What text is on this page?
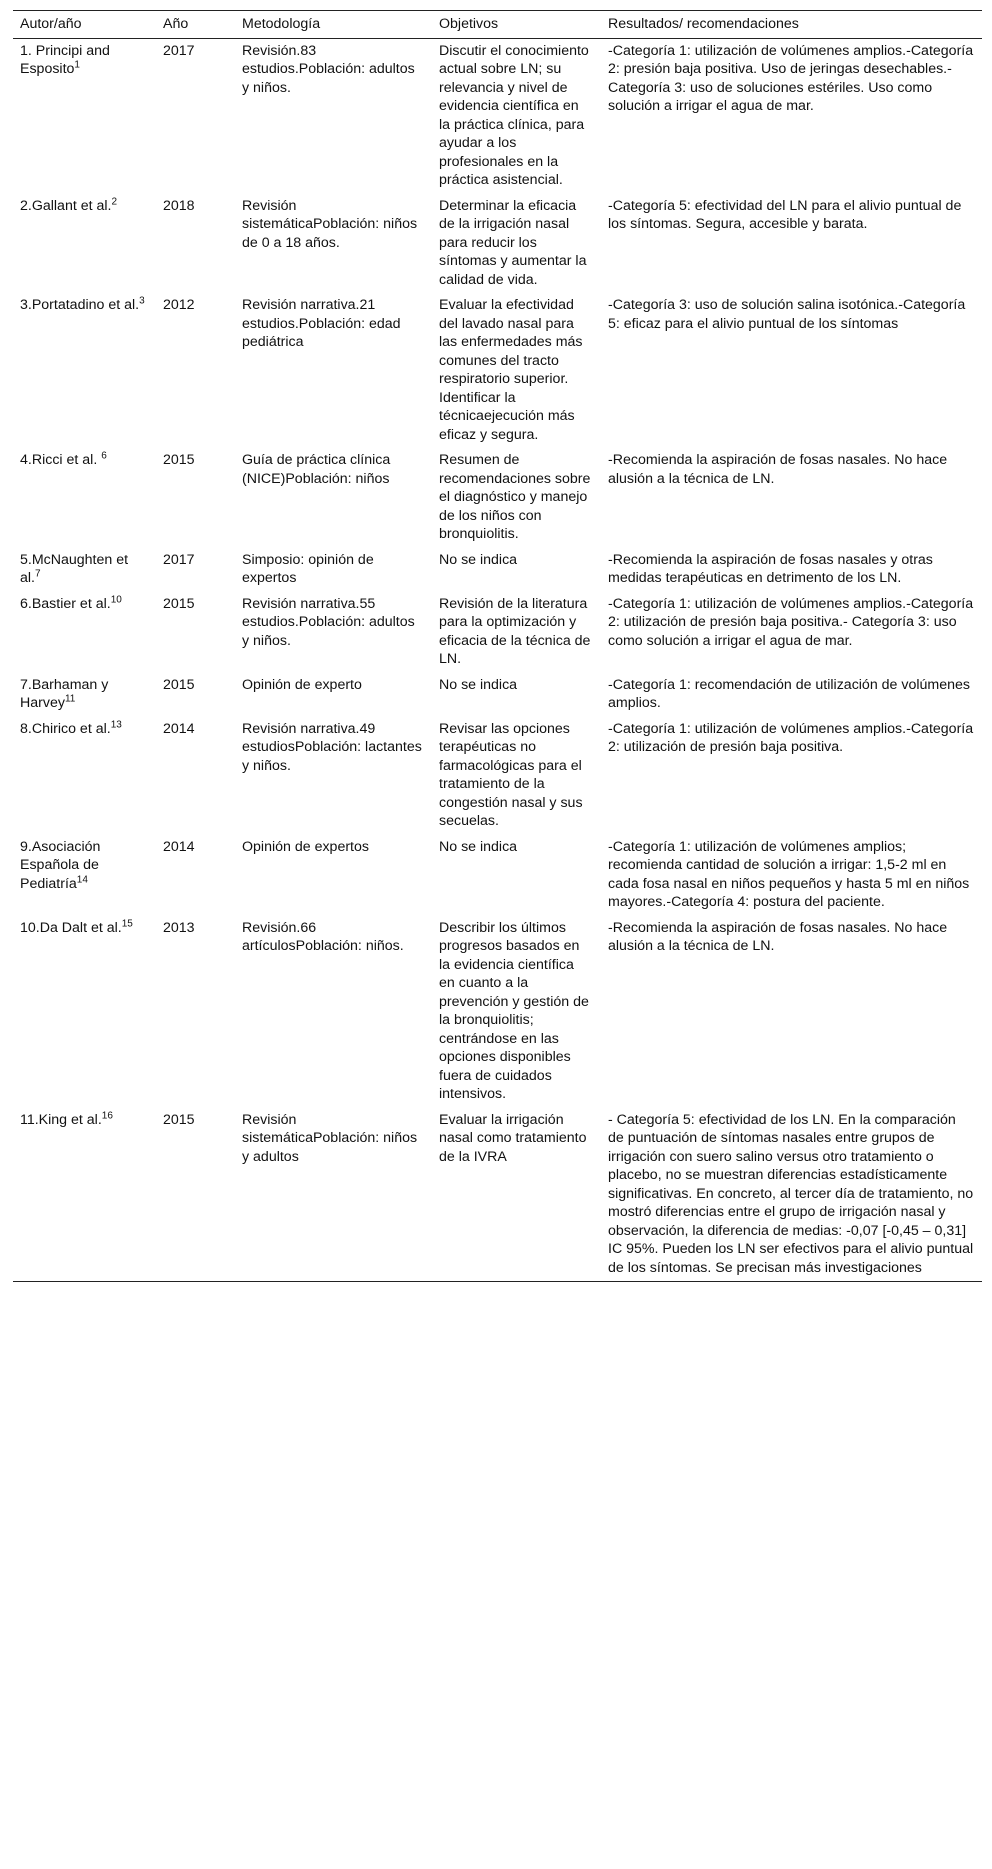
Autor/año	Año	Metodología	Objetivos	Resultados/ recomendaciones
1. Principi and Esposito$^1$	2017	Revisión.83 estudios.Población: adultos y niños.	Discutir el conocimiento actual sobre LN; su relevancia y nivel de evidencia científica en la práctica clínica, para ayudar a los profesionales en la práctica asistencial.	-Categoría 1: utilización de volúmenes amplios.-Categoría 2: presión baja positiva. Uso de jeringas desechables.-Categoría 3: uso de soluciones estériles. Uso como solución a irrigar el agua de mar.
2.Gallant et al.$^2$	2018	Revisión sistemáticaPoblación: niños de 0 a 18 años.	Determinar la eficacia de la irrigación nasal para reducir los síntomas y aumentar la calidad de vida.	-Categoría 5: efectividad del LN para el alivio puntual de los síntomas. Segura, accesible y barata.
3.Portatadino et al.$^3$	2012	Revisión narrativa.21 estudios.Población: edad pediátrica	Evaluar la efectividad del lavado nasal para las enfermedades más comunes del tracto respiratorio superior. Identificar la técnicaejecución más eficaz y segura.	-Categoría 3: uso de solución salina isotónica.-Categoría 5: eficaz para el alivio puntual de los síntomas
4.Ricci et al. $^6$	2015	Guía de práctica clínica (NICE)Población: niños	Resumen de recomendaciones sobre el diagnóstico y manejo de los niños con bronquiolitis.	-Recomienda la aspiración de fosas nasales. No hace alusión a la técnica de LN.
5.McNaughten et al.$^7$	2017	Simposio: opinión de expertos	No se indica	-Recomienda la aspiración de fosas nasales y otras medidas terapéuticas en detrimento de los LN.
6.Bastier et al.$^{10}$	2015	Revisión narrativa.55 estudios.Población: adultos y niños.	Revisión de la literatura para la optimización y eficacia de la técnica de LN.	-Categoría 1: utilización de volúmenes amplios.-Categoría 2: utilización de presión baja positiva.- Categoría 3: uso como solución a irrigar el agua de mar.
7.Barhaman y Harvey$^{11}$	2015	Opinión de experto	No se indica	-Categoría 1: recomendación de utilización de volúmenes amplios.
8.Chirico et al.$^{13}$	2014	Revisión narrativa.49 estudiosPoblación: lactantes y niños.	Revisar las opciones terapéuticas no farmacológicas para el tratamiento de la congestión nasal y sus secuelas.	-Categoría 1: utilización de volúmenes amplios.-Categoría 2: utilización de presión baja positiva.
9.Asociación Española de Pediatría$^{14}$	2014	Opinión de expertos	No se indica	-Categoría 1: utilización de volúmenes amplios; recomienda cantidad de solución a irrigar: 1,5-2 ml en cada fosa nasal en niños pequeños y hasta 5 ml en niños mayores.-Categoría 4: postura del paciente.
10.Da Dalt et al.$^{15}$	2013	Revisión.66 artículosPoblación: niños.	Describir los últimos progresos basados en la evidencia científica en cuanto a la prevención y gestión de la bronquiolitis; centrándose en las opciones disponibles fuera de cuidados intensivos.	-Recomienda la aspiración de fosas nasales. No hace alusión a la técnica de LN.
11.King et al.$^{16}$	2015	Revisión sistemáticaPoblación: niños y adultos	Evaluar la irrigación nasal como tratamiento de la IVRA	- Categoría 5: efectividad de los LN. En la comparación de puntuación de síntomas nasales entre grupos de irrigación con suero salino versus otro tratamiento o placebo, no se muestran diferencias estadísticamente significativas. En concreto, al tercer día de tratamiento, no mostró diferencias entre el grupo de irrigación nasal y observación, la diferencia de medias: -0,07 [-0,45 – 0,31] IC 95%. Pueden los LN ser efectivos para el alivio puntual de los síntomas. Se precisan más investigaciones
